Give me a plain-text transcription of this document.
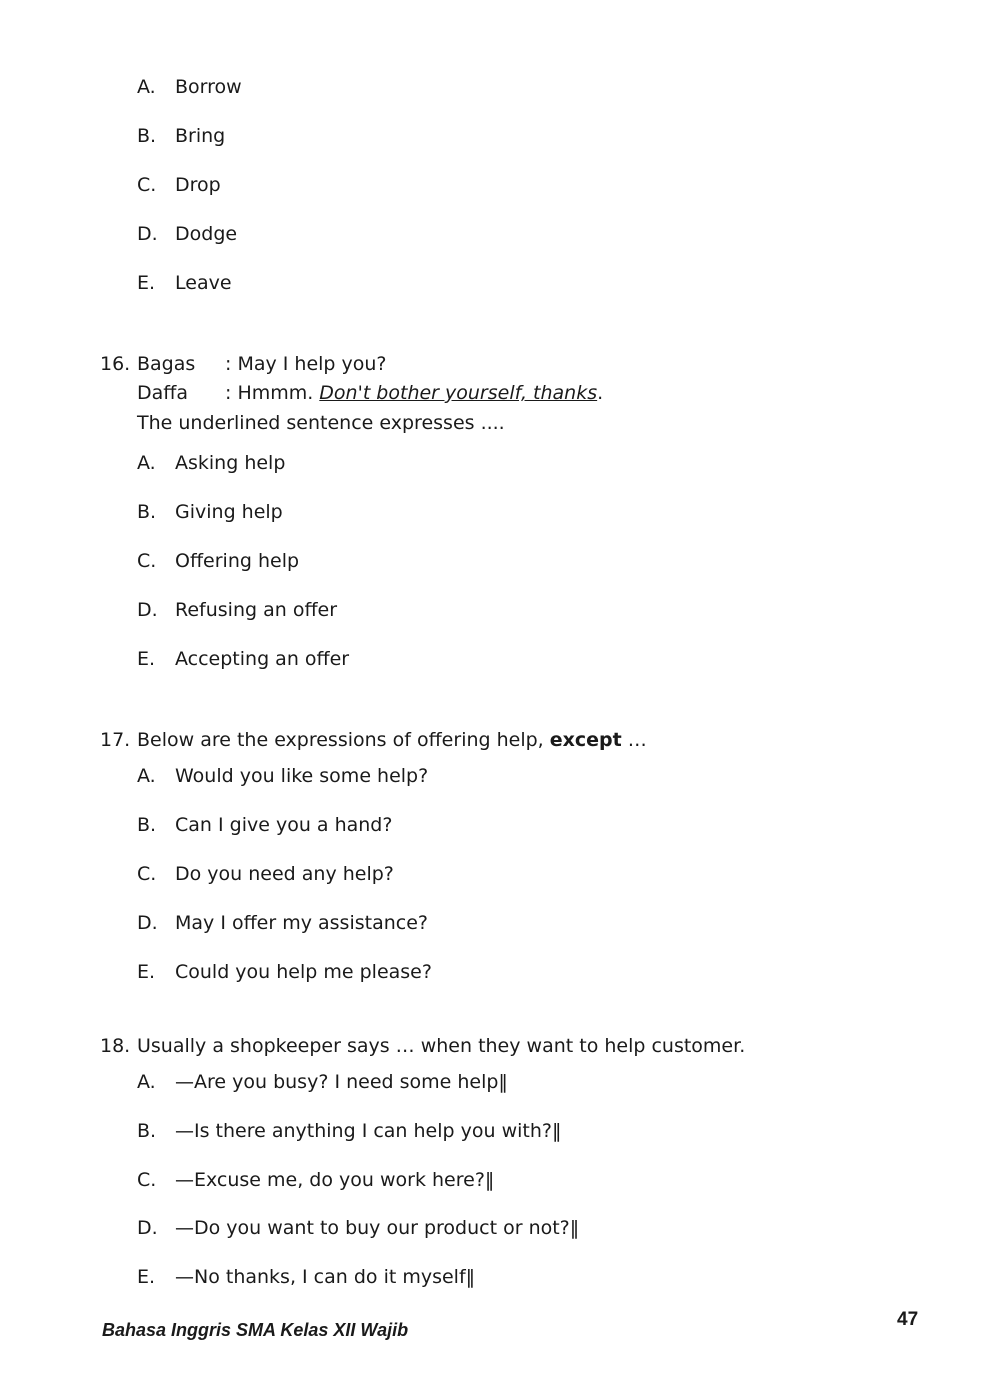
A. Borrow
B. Bring
C. Drop
D. Dodge
E. Leave
16. Bagas : May I help you?
Daffa : Hmmm. Don't bother yourself, thanks.
The underlined sentence expresses ....
A. Asking help
B. Giving help
C. Offering help
D. Refusing an offer
E. Accepting an offer
17. Below are the expressions of offering help, except …
A. Would you like some help?
B. Can I give you a hand?
C. Do you need any help?
D. May I offer my assistance?
E. Could you help me please?
18. Usually a shopkeeper says … when they want to help customer.
A. —Are you busy? I need some help‖
B. —Is there anything I can help you with?‖
C. —Excuse me, do you work here?‖
D. —Do you want to buy our product or not?‖
E. —No thanks, I can do it myself‖
Bahasa Inggris SMA Kelas XII Wajib	47
